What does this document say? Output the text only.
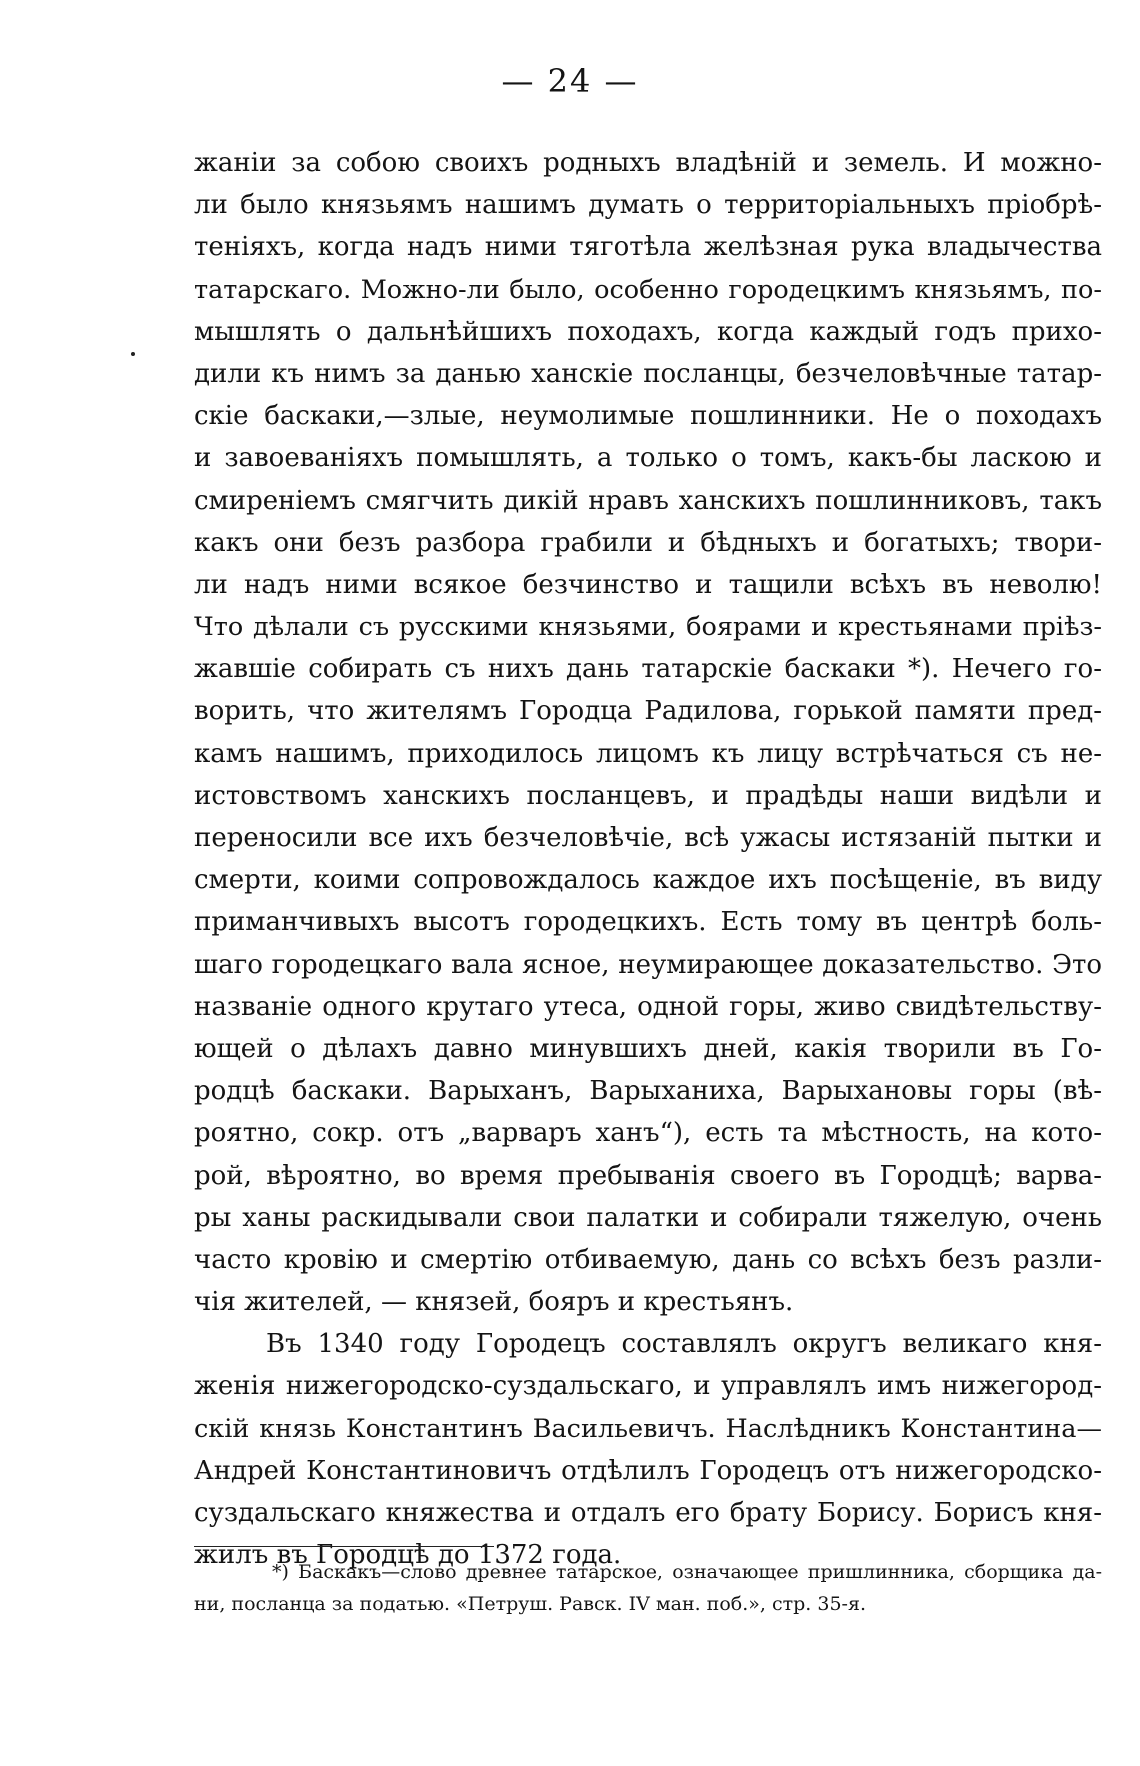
— 24 —
жаніи за собою своихъ родныхъ владѣній и земель. И можно-
ли было князьямъ нашимъ думать о территоріальныхъ пріобрѣ-
теніяхъ, когда надъ ними тяготѣла желѣзная рука владычества
татарскаго. Можно-ли было, особенно городецкимъ князьямъ, по-
мышлять о дальнѣйшихъ походахъ, когда каждый годъ прихо-
дили къ нимъ за данью ханскіе посланцы, безчеловѣчные татар-
скіе баскаки,—злые, неумолимые пошлинники. Не о походахъ
и завоеваніяхъ помышлять, а только о томъ, какъ-бы ласкою и
смиреніемъ смягчить дикій нравъ ханскихъ пошлинниковъ, такъ
какъ они безъ разбора грабили и бѣдныхъ и богатыхъ; твори-
ли надъ ними всякое безчинство и тащили всѣхъ въ неволю!
Что дѣлали съ русскими князьями, боярами и крестьянами пріѣз-
жавшіе собирать съ нихъ дань татарскіе баскаки *). Нечего го-
ворить, что жителямъ Городца Радилова, горькой памяти пред-
камъ нашимъ, приходилось лицомъ къ лицу встрѣчаться съ не-
истовствомъ ханскихъ посланцевъ, и прадѣды наши видѣли и
переносили все ихъ безчеловѣчіе, всѣ ужасы истязаній пытки и
смерти, коими сопровождалось каждое ихъ посѣщеніе, въ виду
приманчивыхъ высотъ городецкихъ. Есть тому въ центрѣ боль-
шаго городецкаго вала ясное, неумирающее доказательство. Это
названіе одного крутаго утеса, одной горы, живо свидѣтельству-
ющей о дѣлахъ давно минувшихъ дней, какія творили въ Го-
родцѣ баскаки. Варыханъ, Варыханиха, Варыхановы горы (вѣ-
роятно, сокр. отъ „варваръ ханъ“), есть та мѣстность, на кото-
рой, вѣроятно, во время пребыванія своего въ Городцѣ; варва-
ры ханы раскидывали свои палатки и собирали тяжелую, очень
часто кровію и смертію отбиваемую, дань со всѣхъ безъ разли-
чія жителей, — князей, бояръ и крестьянъ.
Въ 1340 году Городецъ составлялъ округъ великаго кня-
женія нижегородско-суздальскаго, и управлялъ имъ нижегород-
скій князь Константинъ Васильевичъ. Наслѣдникъ Константина—
Андрей Константиновичъ отдѣлилъ Городецъ отъ нижегородско-
суздальскаго княжества и отдалъ его брату Борису. Борисъ кня-
жилъ въ Городцѣ до 1372 года.
*) Баскакъ—слово древнее татарское, означающее пришлинника, сборщика да-
ни, посланца за податью. «Петруш. Равск. IV ман. поб.», стр. 35-я.
